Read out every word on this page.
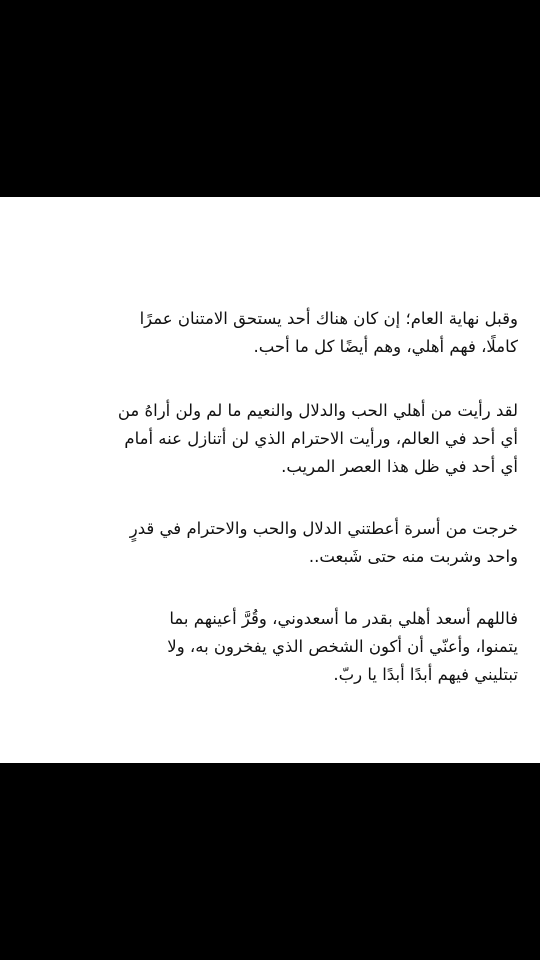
وقبل نهاية العام؛ إن كان هناك أحد يستحق الامتنان عمرًا
كاملًا، فهم أهلي، وهم أيضًا كل ما أحب.
لقد رأيت من أهلي الحب والدلال والنعيم ما لم ولن أراهُ من
أي أحد في العالم، ورأيت الاحترام الذي لن أتنازل عنه أمام
أي أحد في ظل هذا العصر المريب.
خرجت من أسرة أعطتني الدلال والحب والاحترام في قدرٍ
واحد وشربت منه حتى شَبعت..
فاللهم أسعد أهلي بقدر ما أسعدوني، وقُرَّ أعينهم بما
يتمنوا، وأعنّي أن أكون الشخص الذي يفخرون به، ولا
تبتليني فيهم أبدًا أبدًا يا ربّ.
